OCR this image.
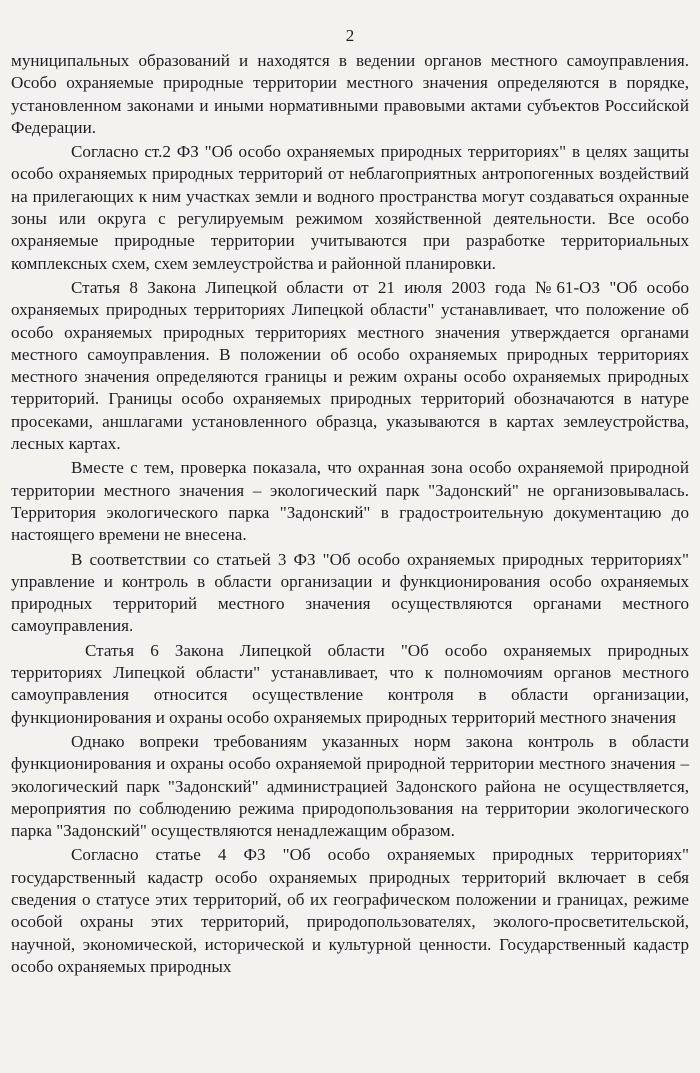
2

муниципальных образований и находятся в ведении органов местного самоуправления. Особо охраняемые природные территории местного значения определяются в порядке, установленном законами и иными нормативными правовыми актами субъектов Российской Федерации.

Согласно ст.2 ФЗ "Об особо охраняемых природных территориях" в целях защиты особо охраняемых природных территорий от неблагоприятных антропогенных воздействий на прилегающих к ним участках земли и водного пространства могут создаваться охранные зоны или округа с регулируемым режимом хозяйственной деятельности. Все особо охраняемые природные территории учитываются при разработке территориальных комплексных схем, схем землеустройства и районной планировки.

Статья 8 Закона Липецкой области от 21 июля 2003 года №61-ОЗ "Об особо охраняемых природных территориях Липецкой области" устанавливает, что положение об особо охраняемых природных территориях местного значения утверждается органами местного самоуправления. В положении об особо охраняемых природных территориях местного значения определяются границы и режим охраны особо охраняемых природных территорий. Границы особо охраняемых природных территорий обозначаются в натуре просеками, аншлагами установленного образца, указываются в картах землеустройства, лесных картах.

Вместе с тем, проверка показала, что охранная зона особо охраняемой природной территории местного значения – экологический парк "Задонский" не организовывалась. Территория экологического парка "Задонский" в градостроительную документацию до настоящего времени не внесена.

В соответствии со статьей 3 ФЗ "Об особо охраняемых природных территориях" управление и контроль в области организации и функционирования особо охраняемых природных территорий местного значения осуществляются органами местного самоуправления.

Статья 6 Закона Липецкой области "Об особо охраняемых природных территориях Липецкой области" устанавливает, что к полномочиям органов местного самоуправления относится осуществление контроля в области организации, функционирования и охраны особо охраняемых природных территорий местного значения

Однако вопреки требованиям указанных норм закона контроль в области функционирования и охраны особо охраняемой природной территории местного значения – экологический парк "Задонский" администрацией Задонского района не осуществляется, мероприятия по соблюдению режима природопользования на территории экологического парка "Задонский" осуществляются ненадлежащим образом.

Согласно статье 4 ФЗ "Об особо охраняемых природных территориях" государственный кадастр особо охраняемых природных территорий включает в себя сведения о статусе этих территорий, об их географическом положении и границах, режиме особой охраны этих территорий, природопользователях, эколого-просветительской, научной, экономической, исторической и культурной ценности. Государственный кадастр особо охраняемых природных
